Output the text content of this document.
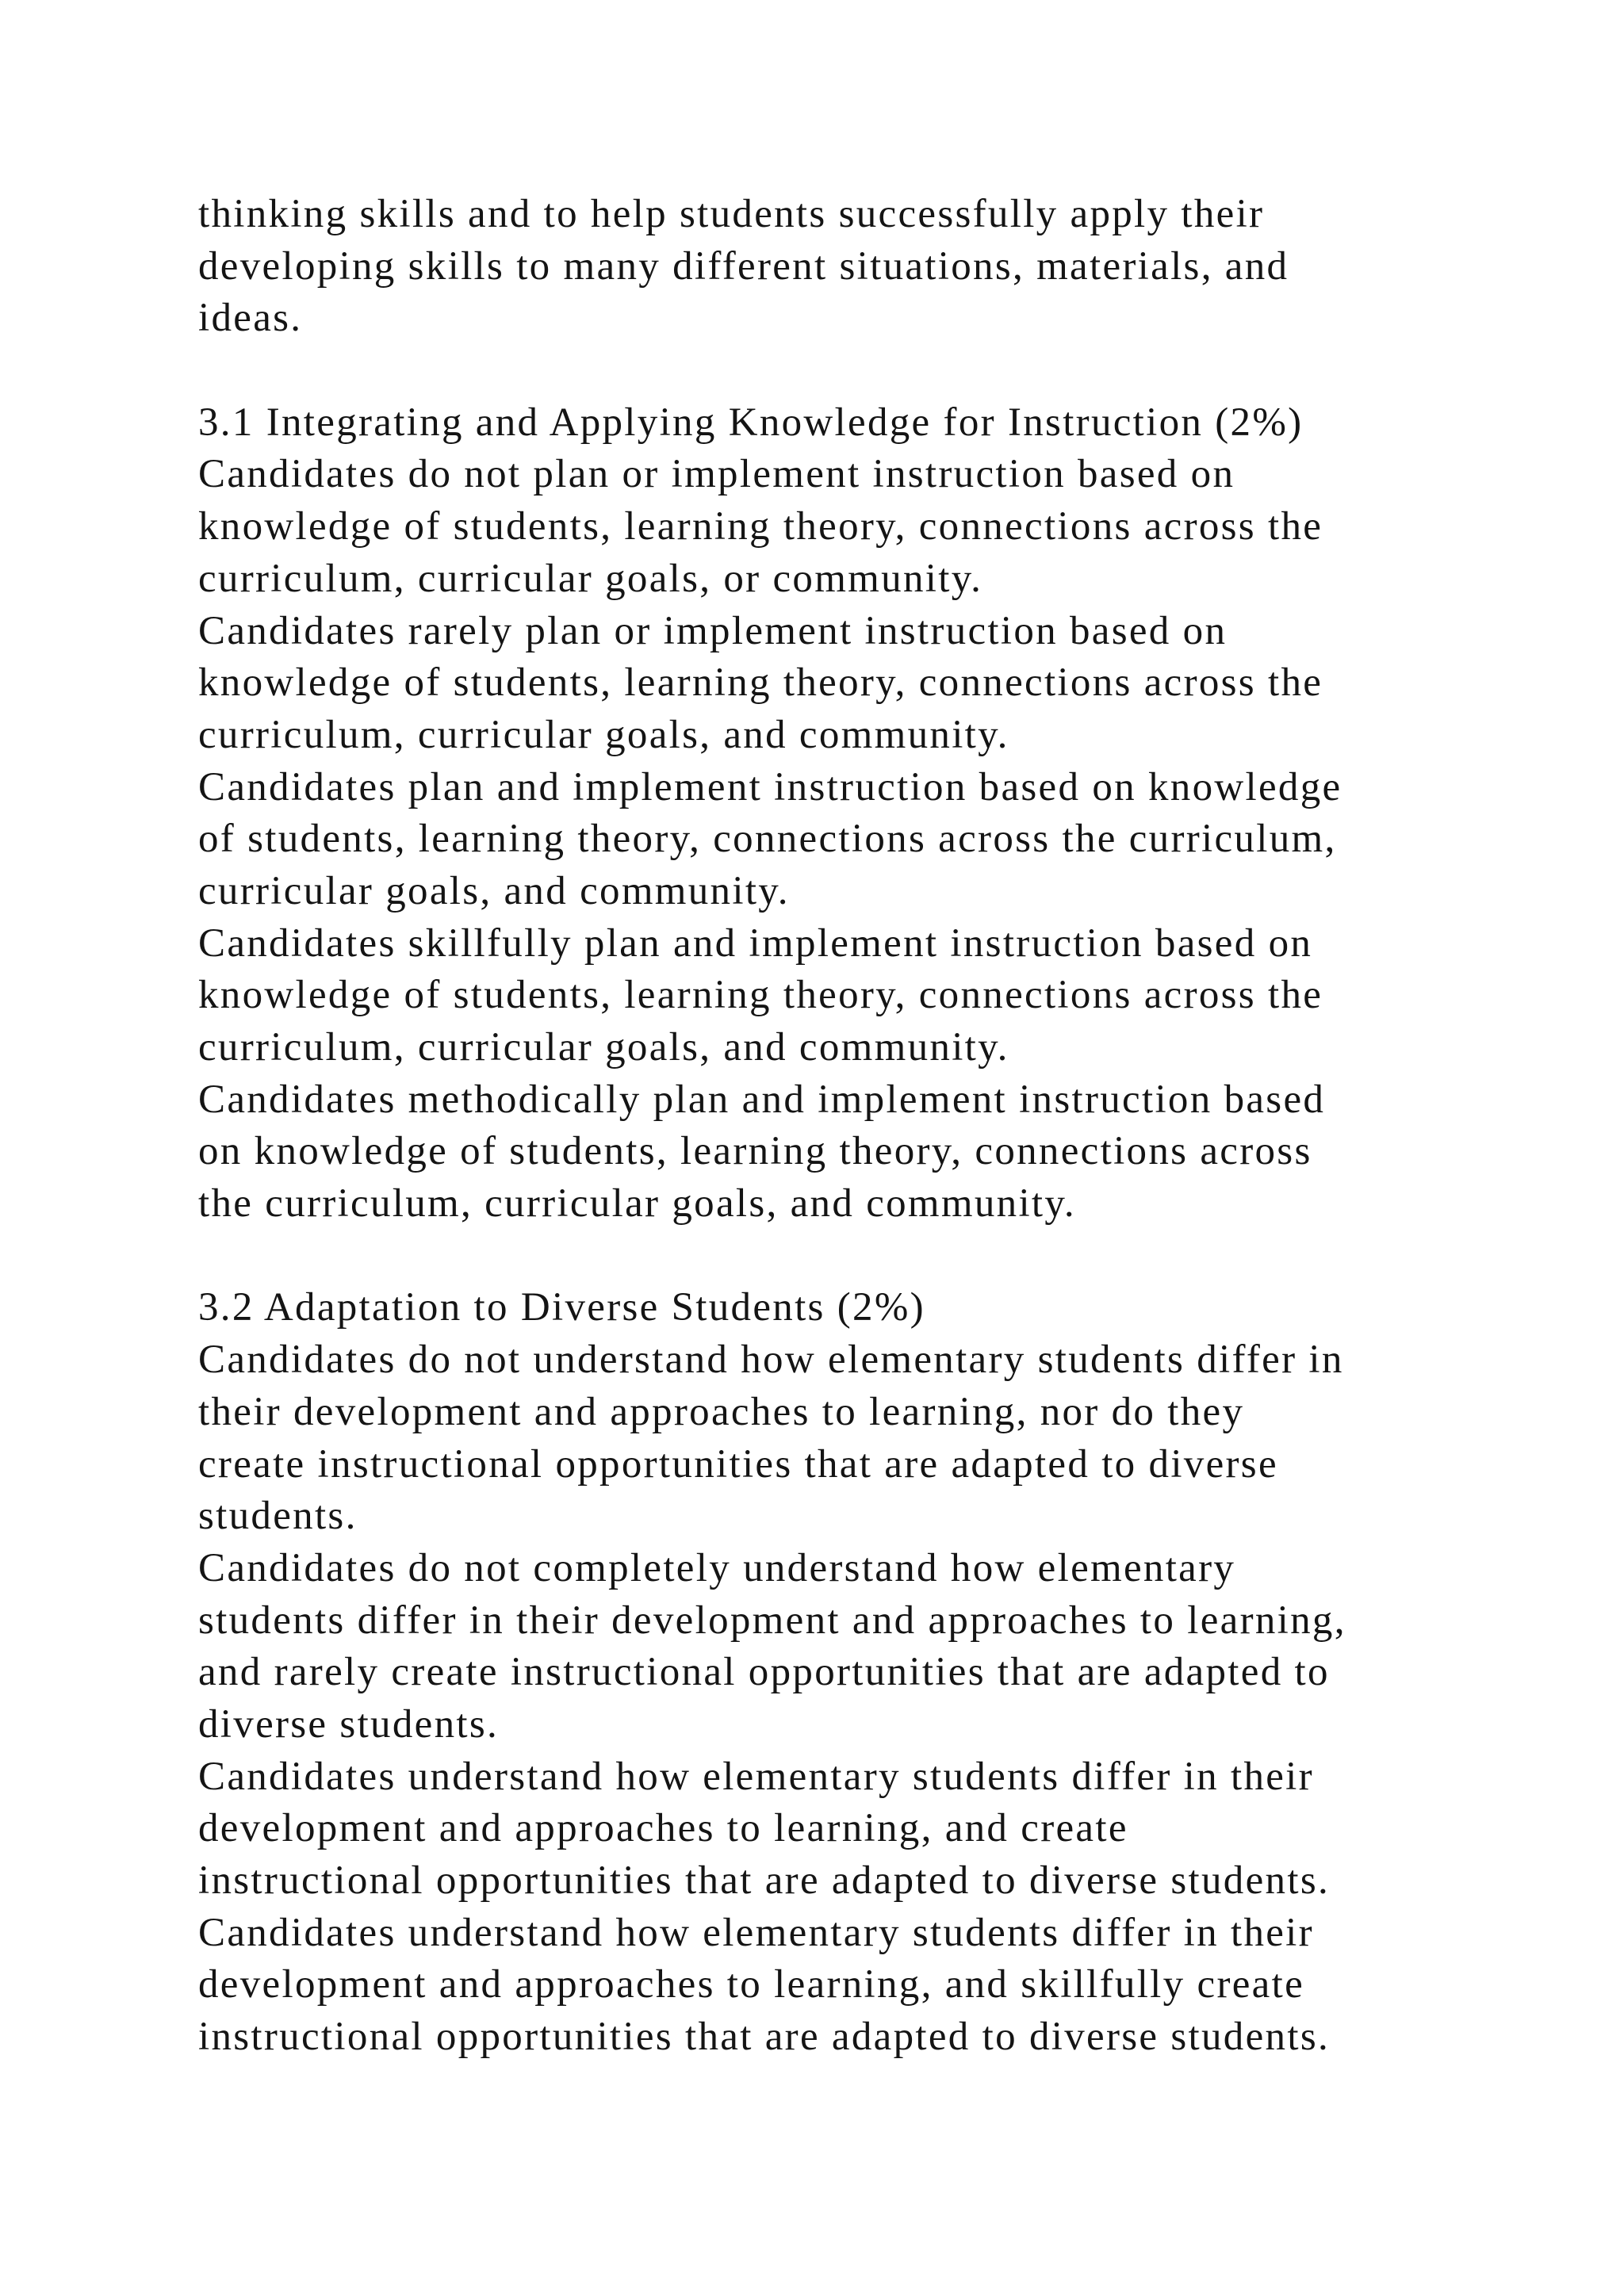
thinking skills and to help students successfully apply their
developing skills to many different situations, materials, and
ideas.
3.1 Integrating and Applying Knowledge for Instruction (2%)
Candidates do not plan or implement instruction based on
knowledge of students, learning theory, connections across the
curriculum, curricular goals, or community.
Candidates rarely plan or implement instruction based on
knowledge of students, learning theory, connections across the
curriculum, curricular goals, and community.
Candidates plan and implement instruction based on knowledge
of students, learning theory, connections across the curriculum,
curricular goals, and community.
Candidates skillfully plan and implement instruction based on
knowledge of students, learning theory, connections across the
curriculum, curricular goals, and community.
Candidates methodically plan and implement instruction based
on knowledge of students, learning theory, connections across
the curriculum, curricular goals, and community.
3.2 Adaptation to Diverse Students (2%)
Candidates do not understand how elementary students differ in
their development and approaches to learning, nor do they
create instructional opportunities that are adapted to diverse
students.
Candidates do not completely understand how elementary
students differ in their development and approaches to learning,
and rarely create instructional opportunities that are adapted to
diverse students.
Candidates understand how elementary students differ in their
development and approaches to learning, and create
instructional opportunities that are adapted to diverse students.
Candidates understand how elementary students differ in their
development and approaches to learning, and skillfully create
instructional opportunities that are adapted to diverse students.
